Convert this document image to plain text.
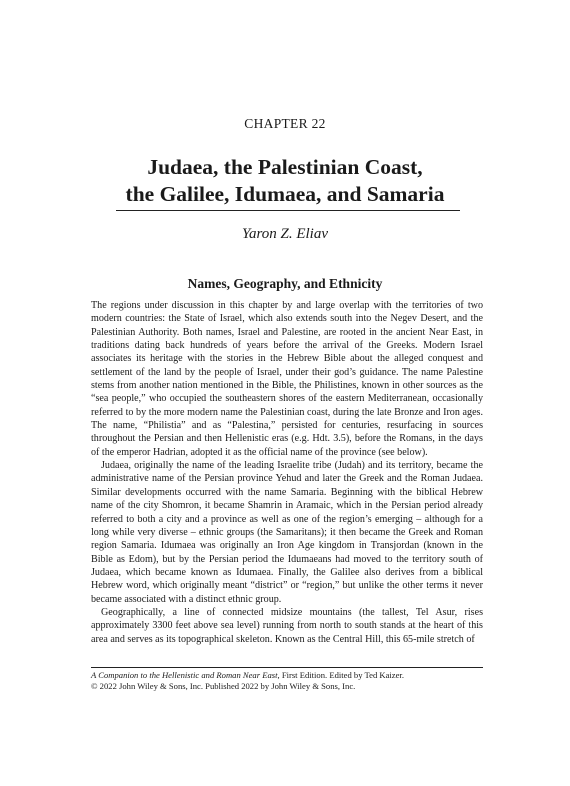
CHAPTER 22
Judaea, the Palestinian Coast,
the Galilee, Idumaea, and Samaria
Yaron Z. Eliav
Names, Geography, and Ethnicity

The regions under discussion in this chapter by and large overlap with the territories of two modern countries: the State of Israel, which also extends south into the Negev Desert, and the Palestinian Authority. Both names, Israel and Palestine, are rooted in the ancient Near East, in traditions dating back hundreds of years before the arrival of the Greeks. Modern Israel associates its heritage with the stories in the Hebrew Bible about the alleged conquest and settlement of the land by the people of Israel, under their god’s guidance. The name Palestine stems from another nation mentioned in the Bible, the Philistines, known in other sources as the “sea people,” who occupied the southeastern shores of the eastern Mediterranean, occasionally referred to by the more modern name the Palestinian coast, during the late Bronze and Iron ages. The name, “Philistia” and as “Palestina,” persisted for centuries, resurfacing in sources throughout the Persian and then Hellenistic eras (e.g. Hdt. 3.5), before the Romans, in the days of the emperor Hadrian, adopted it as the official name of the province (see below).

Judaea, originally the name of the leading Israelite tribe (Judah) and its territory, became the administrative name of the Persian province Yehud and later the Greek and the Roman Judaea. Similar developments occurred with the name Samaria. Beginning with the biblical Hebrew name of the city Shomron, it became Shamrin in Aramaic, which in the Persian period already referred to both a city and a province as well as one of the region’s emerging – although for a long while very diverse – ethnic groups (the Samaritans); it then became the Greek and Roman region Samaria. Idumaea was originally an Iron Age kingdom in Transjordan (known in the Bible as Edom), but by the Persian period the Idumaeans had moved to the territory south of Judaea, which became known as Idumaea. Finally, the Galilee also derives from a biblical Hebrew word, which originally meant “district” or “region,” but unlike the other terms it never became associated with a distinct ethnic group.

Geographically, a line of connected midsize mountains (the tallest, Tel Asur, rises approximately 3300 feet above sea level) running from north to south stands at the heart of this area and serves as its topographical skeleton. Known as the Central Hill, this 65-mile stretch of

A Companion to the Hellenistic and Roman Near East, First Edition. Edited by Ted Kaizer.
© 2022 John Wiley & Sons, Inc. Published 2022 by John Wiley & Sons, Inc.
